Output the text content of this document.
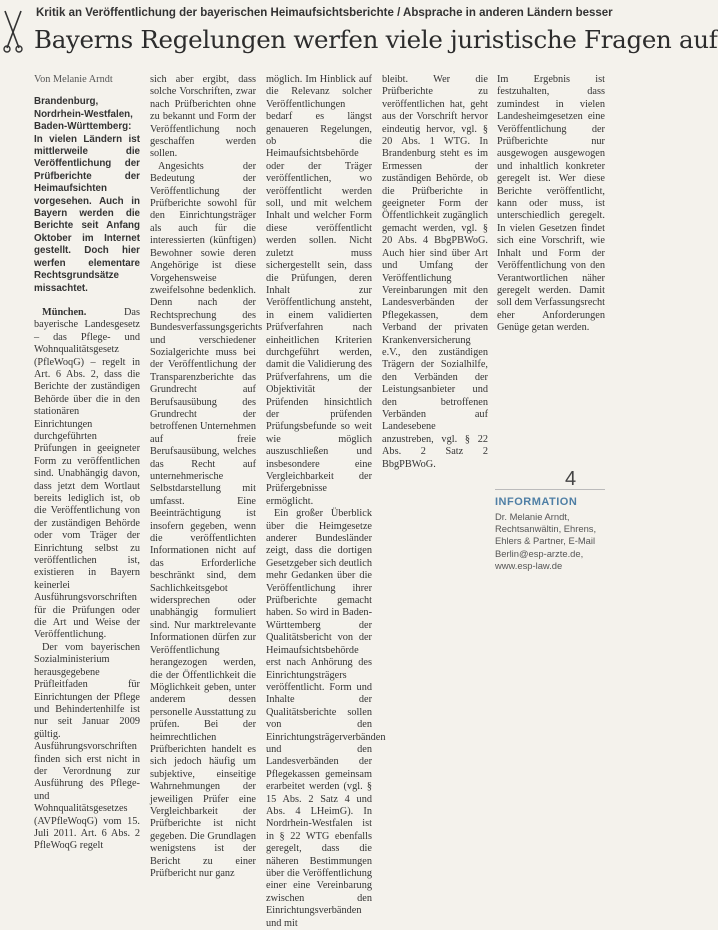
Kritik an Veröffentlichung der bayerischen Heimaufsichtsberichte / Absprache in anderen Ländern besser
Bayerns Regelungen werfen viele juristische Fragen auf

Von Melanie Arndt

Brandenburg, Nordrhein-Westfalen, Baden-Württemberg: In vielen Ländern ist mittlerweile die Veröffentlichung der Prüfberichte der Heimaufsichten vorgesehen. Auch in Bayern werden die Berichte seit Anfang Oktober im Internet gestellt. Doch hier werfen elementare Rechtsgrundsätze missachtet.

München.	Das bayerische Landesgesetz – das Pflege- und Wohnqualitätsgesetz (PfleWoqG) – regelt in Art. 6 Abs. 2, dass die Berichte der zuständigen Behörde über die in den stationären Einrichtungen durchgeführten Prüfungen in geeigneter Form zu veröffentlichen sind. Unabhängig davon, dass jetzt dem Wortlaut bereits lediglich ist, ob die Veröffentlichung von der zuständigen Behörde oder vom Träger der Einrichtung selbst zu veröffentlichen ist, existieren in Bayern keinerlei Ausführungsvorschriften für die Prüfungen oder die Art und Weise der Veröffentlichung.

Der vom bayerischen Sozialministerium herausgegebene Prüfleitfaden für Einrichtungen der Pflege und Behindertenhilfe ist nur seit Januar 2009 gültig. Ausführungsvorschriften finden sich erst nicht in der Verordnung zur Ausführung des Pflege- und Wohnqualitätsgesetzes (AVPfleWoqG) vom 15. Juli 2011. Art. 6 Abs. 2 PfleWoqG regelt

sich aber ergibt, dass solche Vorschriften, zwar nach Prüfberichten ohne zu bekannt und Form der Veröffentlichung noch geschaffen werden sollen.

Angesichts der Bedeutung der Veröffentlichung der Prüfberichte sowohl für den Einrichtungsträger als auch für die interessierten (künftigen) Bewohner sowie deren Angehörige ist diese Vorgehensweise zweifelsohne bedenklich. Denn nach der Rechtsprechung des Bundesverfassungsgerichts und verschiedener Sozialgerichte muss bei der Veröffentlichung der Transparenzberichte das Grundrecht auf Berufsausübung des Grundrecht der betroffenen Unternehmen auf freie Berufsausübung, welches das Recht auf unternehmerische Selbstdarstellung mit umfasst. Eine Beeinträchtigung ist insofern gegeben, wenn die veröffentlichten Informationen nicht auf das Erforderliche beschränkt sind, dem Sachlichkeitsgebot widersprechen oder unabhängig formuliert sind. Nur marktrelevante Informationen dürfen zur Veröffentlichung herangezogen werden, die der Öffentlichkeit die Möglichkeit geben, unter anderem dessen personelle Ausstattung zu prüfen. Bei der heimrechtlichen Prüfberichten handelt es sich jedoch häufig um subjektive, einseitige Wahrnehmungen der jeweiligen Prüfer eine Vergleichbarkeit der Prüfberichte ist nicht gegeben. Die Grundlagen wenigstens ist der Bericht zu einer Prüfbericht nur ganz

möglich. Im Hinblick auf die Relevanz solcher Veröffentlichungen bedarf es längst genaueren Regelungen, ob die Heimaufsichtsbehörde oder der Träger veröffentlichen, wo veröffentlicht werden soll, und mit welchem Inhalt und welcher Form diese veröffentlicht werden sollen. Nicht zuletzt muss sichergestellt sein, dass die Prüfungen, deren Inhalt zur Veröffentlichung ansteht, in einem validierten Prüfverfahren nach einheitlichen Kriterien durchgeführt werden, damit die Validierung des Prüfverfahrens, um die Objektivität der Prüfenden hinsichtlich der prüfenden Prüfungsbefunde so weit wie möglich auszuschließen und insbesondere eine Vergleichbarkeit der Prüfergebnisse ermöglicht.

Ein großer Überblick über die Heimgesetze anderer Bundesländer zeigt, dass die dortigen Gesetzgeber sich deutlich mehr Gedanken über die Veröffentlichung ihrer Prüfberichte gemacht haben. So wird in Baden-Württemberg der Qualitätsbericht von der Heimaufsichtsbehörde erst nach Anhörung des Einrichtungsträgers veröffentlicht. Form und Inhalte der Qualitätsberichte sollen von den Einrichtungsträgerverbänden und den Landesverbänden der Pflegekassen gemeinsam erarbeitet werden (vgl. § 15 Abs. 2 Satz 4 und Abs. 4 LHeimG). In Nordrhein-Westfalen ist in § 22 WTG ebenfalls geregelt, dass die näheren Bestimmungen über die Veröffentlichung einer eine Vereinbarung zwischen den Einrichtungsverbänden und mit

bleibt. Wer die Prüfberichte zu veröffentlichen hat, geht aus der Vorschrift hervor eindeutig hervor, vgl. § 20 Abs. 1 WTG. In Brandenburg steht es im Ermessen der zuständigen Behörde, ob die Prüfberichte in geeigneter Form der Öffentlichkeit zugänglich gemacht werden, vgl. § 20 Abs. 4 BbgPBWoG. Auch hier sind über Art und Umfang der Veröffentlichung Vereinbarungen mit den Landesverbänden der Pflegekassen, dem Verband der privaten Krankenversicherung e.V., den zuständigen Trägern der Sozialhilfe, den Verbänden der Leistungsanbieter und den betroffenen Verbänden auf Landesebene anzustreben, vgl. § 22 Abs. 2 Satz 2 BbgPBWoG.

Im Ergebnis ist festzuhalten, dass zumindest in vielen Landesheimgesetzen eine Veröffentlichung der Prüfberichte nur ausgewogen ausgewogen und inhaltlich konkreter geregelt ist. Wer diese Berichte veröffentlicht, kann oder muss, ist unterschiedlich geregelt. In vielen Gesetzen findet sich eine Vorschrift, wie Inhalt und Form der Veröffentlichung von den Verantwortlichen näher geregelt werden. Damit soll dem Verfassungsrecht eher Anforderungen Genüge getan werden.

4
INFORMATION
Dr. Melanie Arndt, Rechtsanwältin, Ehrens, Ehlers & Partner, E-Mail Berlin@esp-arzte.de, www.esp-law.de
